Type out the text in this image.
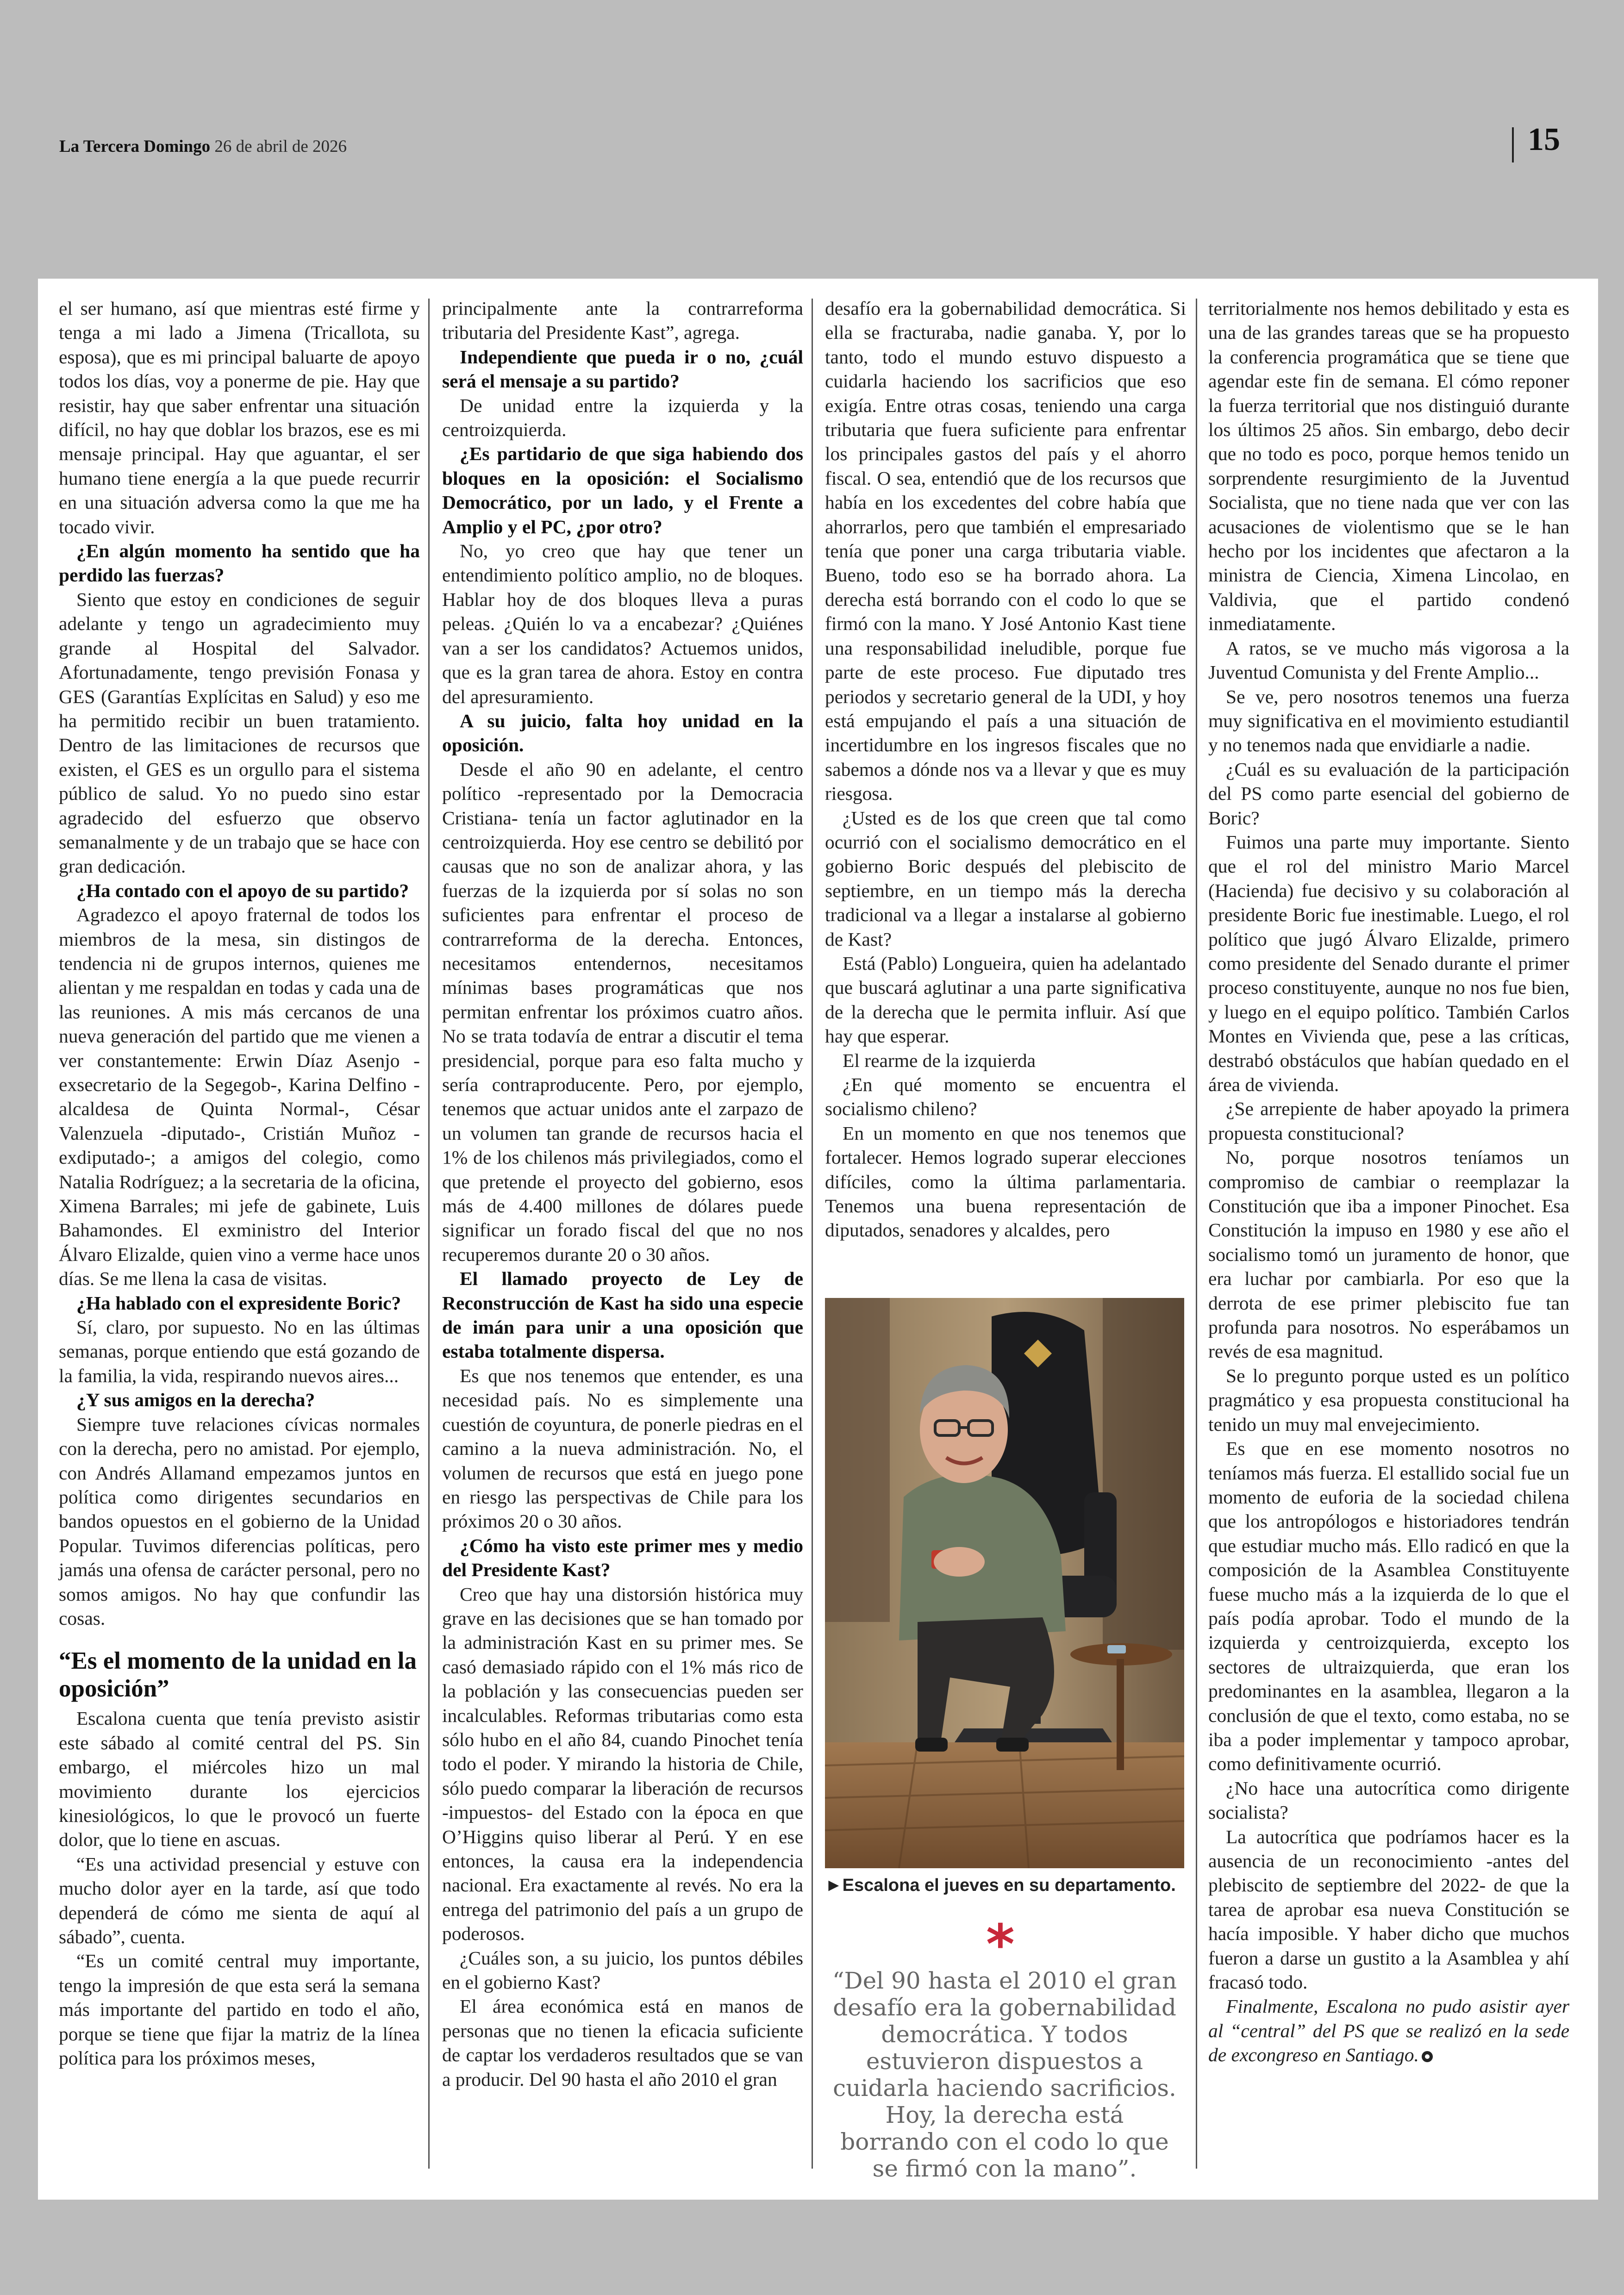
La Tercera Domingo 26 de abril de 2026	15

el ser humano, así que mientras esté firme y tenga a mi lado a Jimena (Tricallota, su esposa), que es mi principal baluarte de apoyo todos los días, voy a ponerme de pie. Hay que resistir, hay que saber enfrentar una situación difícil, no hay que doblar los brazos, ese es mi mensaje principal. Hay que aguantar, el ser humano tiene energía a la que puede recurrir en una situación adversa como la que me ha tocado vivir.

¿En algún momento ha sentido que ha perdido las fuerzas?

Siento que estoy en condiciones de seguir adelante y tengo un agradecimiento muy grande al Hospital del Salvador. Afortunadamente, tengo previsión Fonasa y GES (Garantías Explícitas en Salud) y eso me ha permitido recibir un buen tratamiento. Dentro de las limitaciones de recursos que existen, el GES es un orgullo para el sistema público de salud. Yo no puedo sino estar agradecido del esfuerzo que observo semanalmente y de un trabajo que se hace con gran dedicación.

¿Ha contado con el apoyo de su partido?

Agradezco el apoyo fraternal de todos los miembros de la mesa, sin distingos de tendencia ni de grupos internos, quienes me alientan y me respaldan en todas y cada una de las reuniones. A mis más cercanos de una nueva generación del partido que me vienen a ver constantemente: Erwin Díaz Asenjo -exsecretario de la Segegob-, Karina Delfino -alcaldesa de Quinta Normal-, César Valenzuela -diputado-, Cristián Muñoz -exdiputado-; a amigos del colegio, como Natalia Rodríguez; a la secretaria de la oficina, Ximena Barrales; mi jefe de gabinete, Luis Bahamondes. El exministro del Interior Álvaro Elizalde, quien vino a verme hace unos días. Se me llena la casa de visitas.

¿Ha hablado con el expresidente Boric?

Sí, claro, por supuesto. No en las últimas semanas, porque entiendo que está gozando de la familia, la vida, respirando nuevos aires...

¿Y sus amigos en la derecha?

Siempre tuve relaciones cívicas normales con la derecha, pero no amistad. Por ejemplo, con Andrés Allamand empezamos juntos en política como dirigentes secundarios en bandos opuestos en el gobierno de la Unidad Popular. Tuvimos diferencias políticas, pero jamás una ofensa de carácter personal, pero no somos amigos. No hay que confundir las cosas.

“Es el momento de la unidad en la oposición”

Escalona cuenta que tenía previsto asistir este sábado al comité central del PS. Sin embargo, el miércoles hizo un mal movimiento durante los ejercicios kinesiológicos, lo que le provocó un fuerte dolor, que lo tiene en ascuas.

“Es una actividad presencial y estuve con mucho dolor ayer en la tarde, así que todo dependerá de cómo me sienta de aquí al sábado”, cuenta.

“Es un comité central muy importante, tengo la impresión de que esta será la semana más importante del partido en todo el año, porque se tiene que fijar la matriz de la línea política para los próximos meses,

principalmente ante la contrarreforma tributaria del Presidente Kast”, agrega.

Independiente que pueda ir o no, ¿cuál será el mensaje a su partido?

De unidad entre la izquierda y la centroizquierda.

¿Es partidario de que siga habiendo dos bloques en la oposición: el Socialismo Democrático, por un lado, y el Frente a Amplio y el PC, ¿por otro?

No, yo creo que hay que tener un entendimiento político amplio, no de bloques. Hablar hoy de dos bloques lleva a puras peleas. ¿Quién lo va a encabezar? ¿Quiénes van a ser los candidatos? Actuemos unidos, que es la gran tarea de ahora. Estoy en contra del apresuramiento.

A su juicio, falta hoy unidad en la oposición.

Desde el año 90 en adelante, el centro político -representado por la Democracia Cristiana- tenía un factor aglutinador en la centroizquierda. Hoy ese centro se debilitó por causas que no son de analizar ahora, y las fuerzas de la izquierda por sí solas no son suficientes para enfrentar el proceso de contrarreforma de la derecha. Entonces, necesitamos entendernos, necesitamos mínimas bases programáticas que nos permitan enfrentar los próximos cuatro años. No se trata todavía de entrar a discutir el tema presidencial, porque para eso falta mucho y sería contraproducente. Pero, por ejemplo, tenemos que actuar unidos ante el zarpazo de un volumen tan grande de recursos hacia el 1% de los chilenos más privilegiados, como el que pretende el proyecto del gobierno, esos más de 4.400 millones de dólares puede significar un forado fiscal del que no nos recuperemos durante 20 o 30 años.

El llamado proyecto de Ley de Reconstrucción de Kast ha sido una especie de imán para unir a una oposición que estaba totalmente dispersa.

Es que nos tenemos que entender, es una necesidad país. No es simplemente una cuestión de coyuntura, de ponerle piedras en el camino a la nueva administración. No, el volumen de recursos que está en juego pone en riesgo las perspectivas de Chile para los próximos 20 o 30 años.

¿Cómo ha visto este primer mes y medio del Presidente Kast?

Creo que hay una distorsión histórica muy grave en las decisiones que se han tomado por la administración Kast en su primer mes. Se casó demasiado rápido con el 1% más rico de la población y las consecuencias pueden ser incalculables. Reformas tributarias como esta sólo hubo en el año 84, cuando Pinochet tenía todo el poder. Y mirando la historia de Chile, sólo puedo comparar la liberación de recursos -impuestos- del Estado con la época en que O’Higgins quiso liberar al Perú. Y en ese entonces, la causa era la independencia nacional. Era exactamente al revés. No era la entrega del patrimonio del país a un grupo de poderosos.

¿Cuáles son, a su juicio, los puntos débiles en el gobierno Kast?

El área económica está en manos de personas que no tienen la eficacia suficiente de captar los verdaderos resultados que se van a producir. Del 90 hasta el año 2010 el gran

desafío era la gobernabilidad democrática. Si ella se fracturaba, nadie ganaba. Y, por lo tanto, todo el mundo estuvo dispuesto a cuidarla haciendo los sacrificios que eso exigía. Entre otras cosas, teniendo una carga tributaria que fuera suficiente para enfrentar los principales gastos del país y el ahorro fiscal. O sea, entendió que de los recursos que había en los excedentes del cobre había que ahorrarlos, pero que también el empresariado tenía que poner una carga tributaria viable. Bueno, todo eso se ha borrado ahora. La derecha está borrando con el codo lo que se firmó con la mano. Y José Antonio Kast tiene una responsabilidad ineludible, porque fue parte de este proceso. Fue diputado tres periodos y secretario general de la UDI, y hoy está empujando el país a una situación de incertidumbre en los ingresos fiscales que no sabemos a dónde nos va a llevar y que es muy riesgosa.

¿Usted es de los que creen que tal como ocurrió con el socialismo democrático en el gobierno Boric después del plebiscito de septiembre, en un tiempo más la derecha tradicional va a llegar a instalarse al gobierno de Kast?

Está (Pablo) Longueira, quien ha adelantado que buscará aglutinar a una parte significativa de la derecha que le permita influir. Así que hay que esperar.

El rearme de la izquierda

¿En qué momento se encuentra el socialismo chileno?

En un momento en que nos tenemos que fortalecer. Hemos logrado superar elecciones difíciles, como la última parlamentaria. Tenemos una buena representación de diputados, senadores y alcaldes, pero

territorialmente nos hemos debilitado y esta es una de las grandes tareas que se ha propuesto la conferencia programática que se tiene que agendar este fin de semana. El cómo reponer la fuerza territorial que nos distinguió durante los últimos 25 años. Sin embargo, debo decir que no todo es poco, porque hemos tenido un sorprendente resurgimiento de la Juventud Socialista, que no tiene nada que ver con las acusaciones de violentismo que se le han hecho por los incidentes que afectaron a la ministra de Ciencia, Ximena Lincolao, en Valdivia, que el partido condenó inmediatamente.

A ratos, se ve mucho más vigorosa a la Juventud Comunista y del Frente Amplio...

Se ve, pero nosotros tenemos una fuerza muy significativa en el movimiento estudiantil y no tenemos nada que envidiarle a nadie.

¿Cuál es su evaluación de la participación del PS como parte esencial del gobierno de Boric?

Fuimos una parte muy importante. Siento que el rol del ministro Mario Marcel (Hacienda) fue decisivo y su colaboración al presidente Boric fue inestimable. Luego, el rol político que jugó Álvaro Elizalde, primero como presidente del Senado durante el primer proceso constituyente, aunque no nos fue bien, y luego en el equipo político. También Carlos Montes en Vivienda que, pese a las críticas, destrabó obstáculos que habían quedado en el área de vivienda.

¿Se arrepiente de haber apoyado la primera propuesta constitucional?

No, porque nosotros teníamos un compromiso de cambiar o reemplazar la Constitución que iba a imponer Pinochet. Esa Constitución la impuso en 1980 y ese año el socialismo tomó un juramento de honor, que era luchar por cambiarla. Por eso que la derrota de ese primer plebiscito fue tan profunda para nosotros. No esperábamos un revés de esa magnitud.

Se lo pregunto porque usted es un político pragmático y esa propuesta constitucional ha tenido un muy mal envejecimiento.

Es que en ese momento nosotros no teníamos más fuerza. El estallido social fue un momento de euforia de la sociedad chilena que los antropólogos e historiadores tendrán que estudiar mucho más. Ello radicó en que la composición de la Asamblea Constituyente fuese mucho más a la izquierda de lo que el país podía aprobar. Todo el mundo de la izquierda y centroizquierda, excepto los sectores de ultraizquierda, que eran los predominantes en la asamblea, llegaron a la conclusión de que el texto, como estaba, no se iba a poder implementar y tampoco aprobar, como definitivamente ocurrió.

¿No hace una autocrítica como dirigente socialista?

La autocrítica que podríamos hacer es la ausencia de un reconocimiento -antes del plebiscito de septiembre del 2022- de que la tarea de aprobar esa nueva Constitución se hacía imposible. Y haber dicho que muchos fueron a darse un gustito a la Asamblea y ahí fracasó todo.

Finalmente, Escalona no pudo asistir ayer al “central” del PS que se realizó en la sede de excongreso en Santiago.

►Escalona el jueves en su departamento.
*
“Del 90 hasta el 2010 el gran desafío era la gobernabilidad democrática. Y todos estuvieron dispuestos a cuidarla haciendo sacrificios. Hoy, la derecha está borrando con el codo lo que se firmó con la mano”.
